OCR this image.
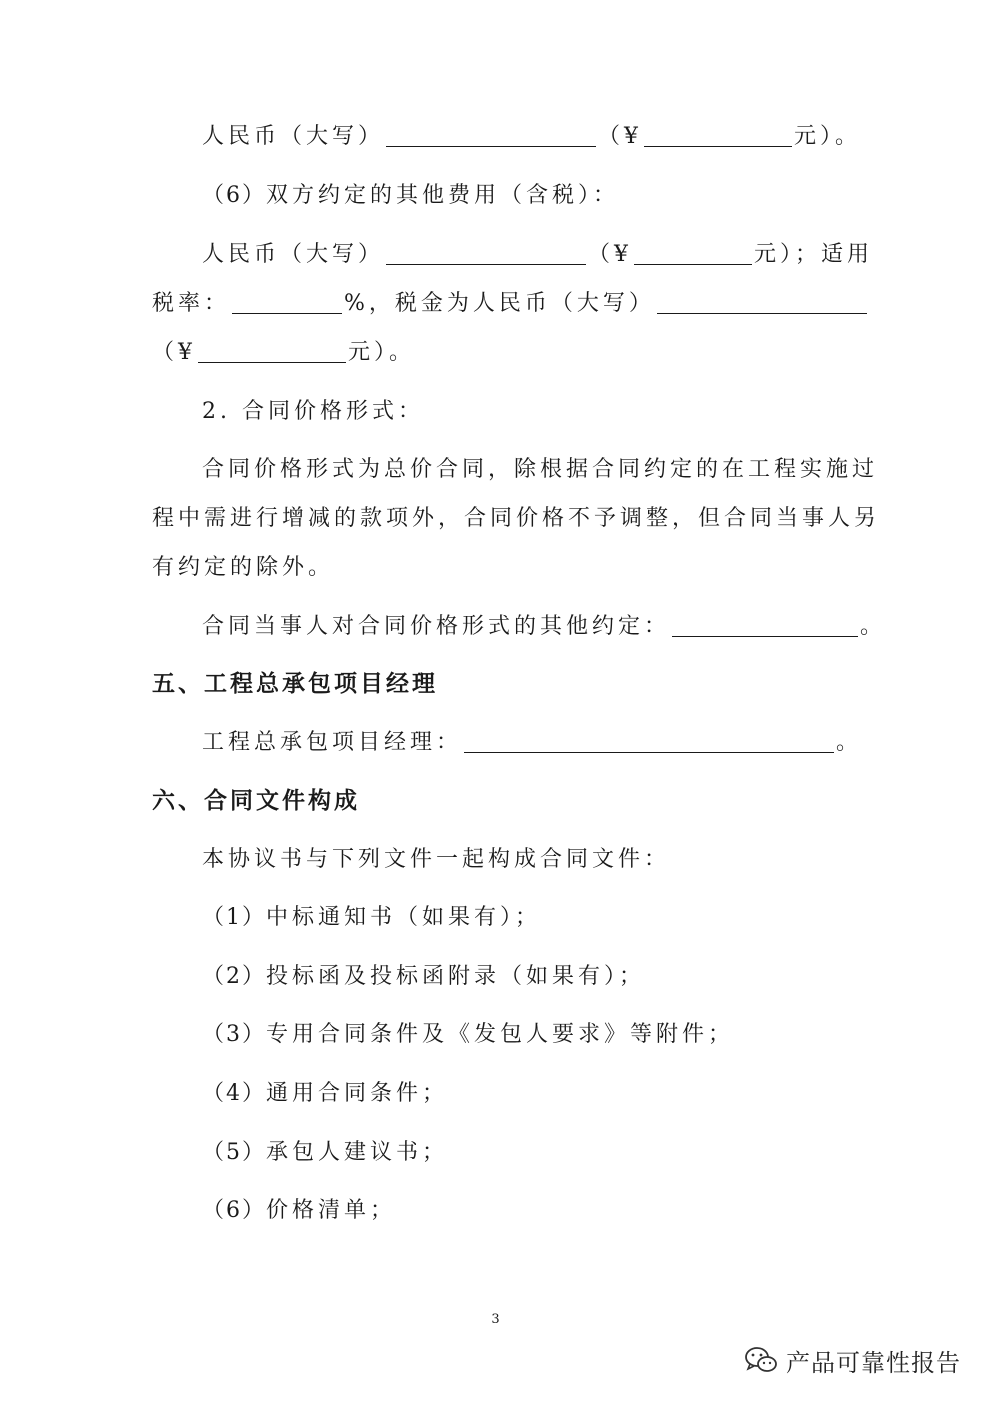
人民币（大写）	（¥	元）。
（6）双方约定的其他费用（含税）：
人民币（大写）	（¥	元）；适用
税率：	%，税金为人民币（大写）
（¥	元）。
2. 合同价格形式：
合同价格形式为总价合同，除根据合同约定的在工程实施过
程中需进行增减的款项外，合同价格不予调整，但合同当事人另
有约定的除外。
合同当事人对合同价格形式的其他约定：	。
五、工程总承包项目经理
工程总承包项目经理：	。
六、合同文件构成
本协议书与下列文件一起构成合同文件：
（1）中标通知书（如果有）；
（2）投标函及投标函附录（如果有）；
（3）专用合同条件及《发包人要求》等附件；
（4）通用合同条件；
（5）承包人建议书；
（6）价格清单；
3
产品可靠性报告
